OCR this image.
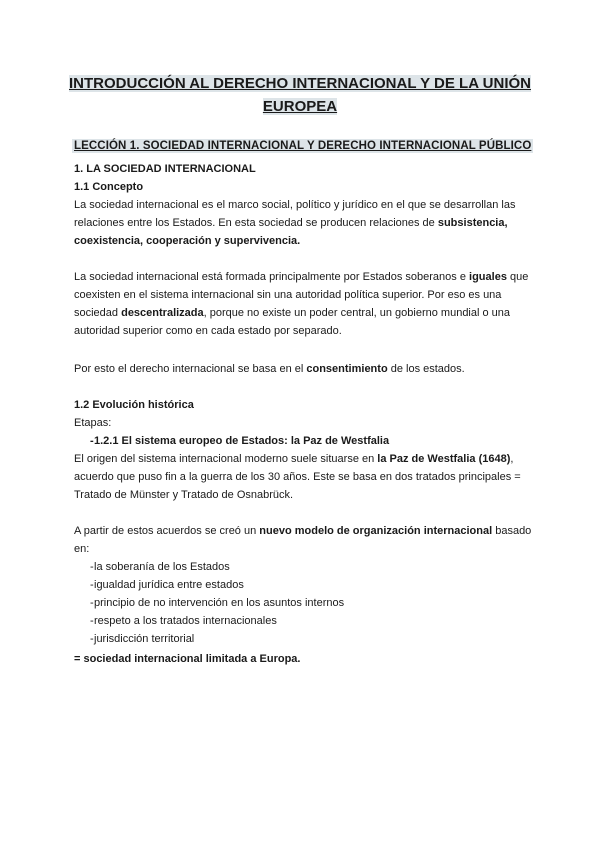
INTRODUCCIÓN AL DERECHO INTERNACIONAL Y DE LA UNIÓN EUROPEA
LECCIÓN 1. SOCIEDAD INTERNACIONAL Y DERECHO INTERNACIONAL PÚBLICO
1. LA SOCIEDAD INTERNACIONAL
1.1 Concepto
La sociedad internacional es el marco social, político y jurídico en el que se desarrollan las relaciones entre los Estados. En esta sociedad se producen relaciones de subsistencia, coexistencia, cooperación y supervivencia.
La sociedad internacional está formada principalmente por Estados soberanos e iguales que coexisten en el sistema internacional sin una autoridad política superior. Por eso es una sociedad descentralizada, porque no existe un poder central, un gobierno mundial o una autoridad superior como en cada estado por separado.
Por esto el derecho internacional se basa en el consentimiento de los estados.
1.2 Evolución histórica
Etapas:
- 1.2.1 El sistema europeo de Estados: la Paz de Westfalia
El origen del sistema internacional moderno suele situarse en la Paz de Westfalia (1648), acuerdo que puso fin a la guerra de los 30 años. Este se basa en dos tratados principales = Tratado de Münster y Tratado de Osnabrück.
A partir de estos acuerdos se creó un nuevo modelo de organización internacional basado en:
- la soberanía de los Estados
- igualdad jurídica entre estados
- principio de no intervención en los asuntos internos
- respeto a los tratados internacionales
- jurisdicción territorial
= sociedad internacional limitada a Europa.
